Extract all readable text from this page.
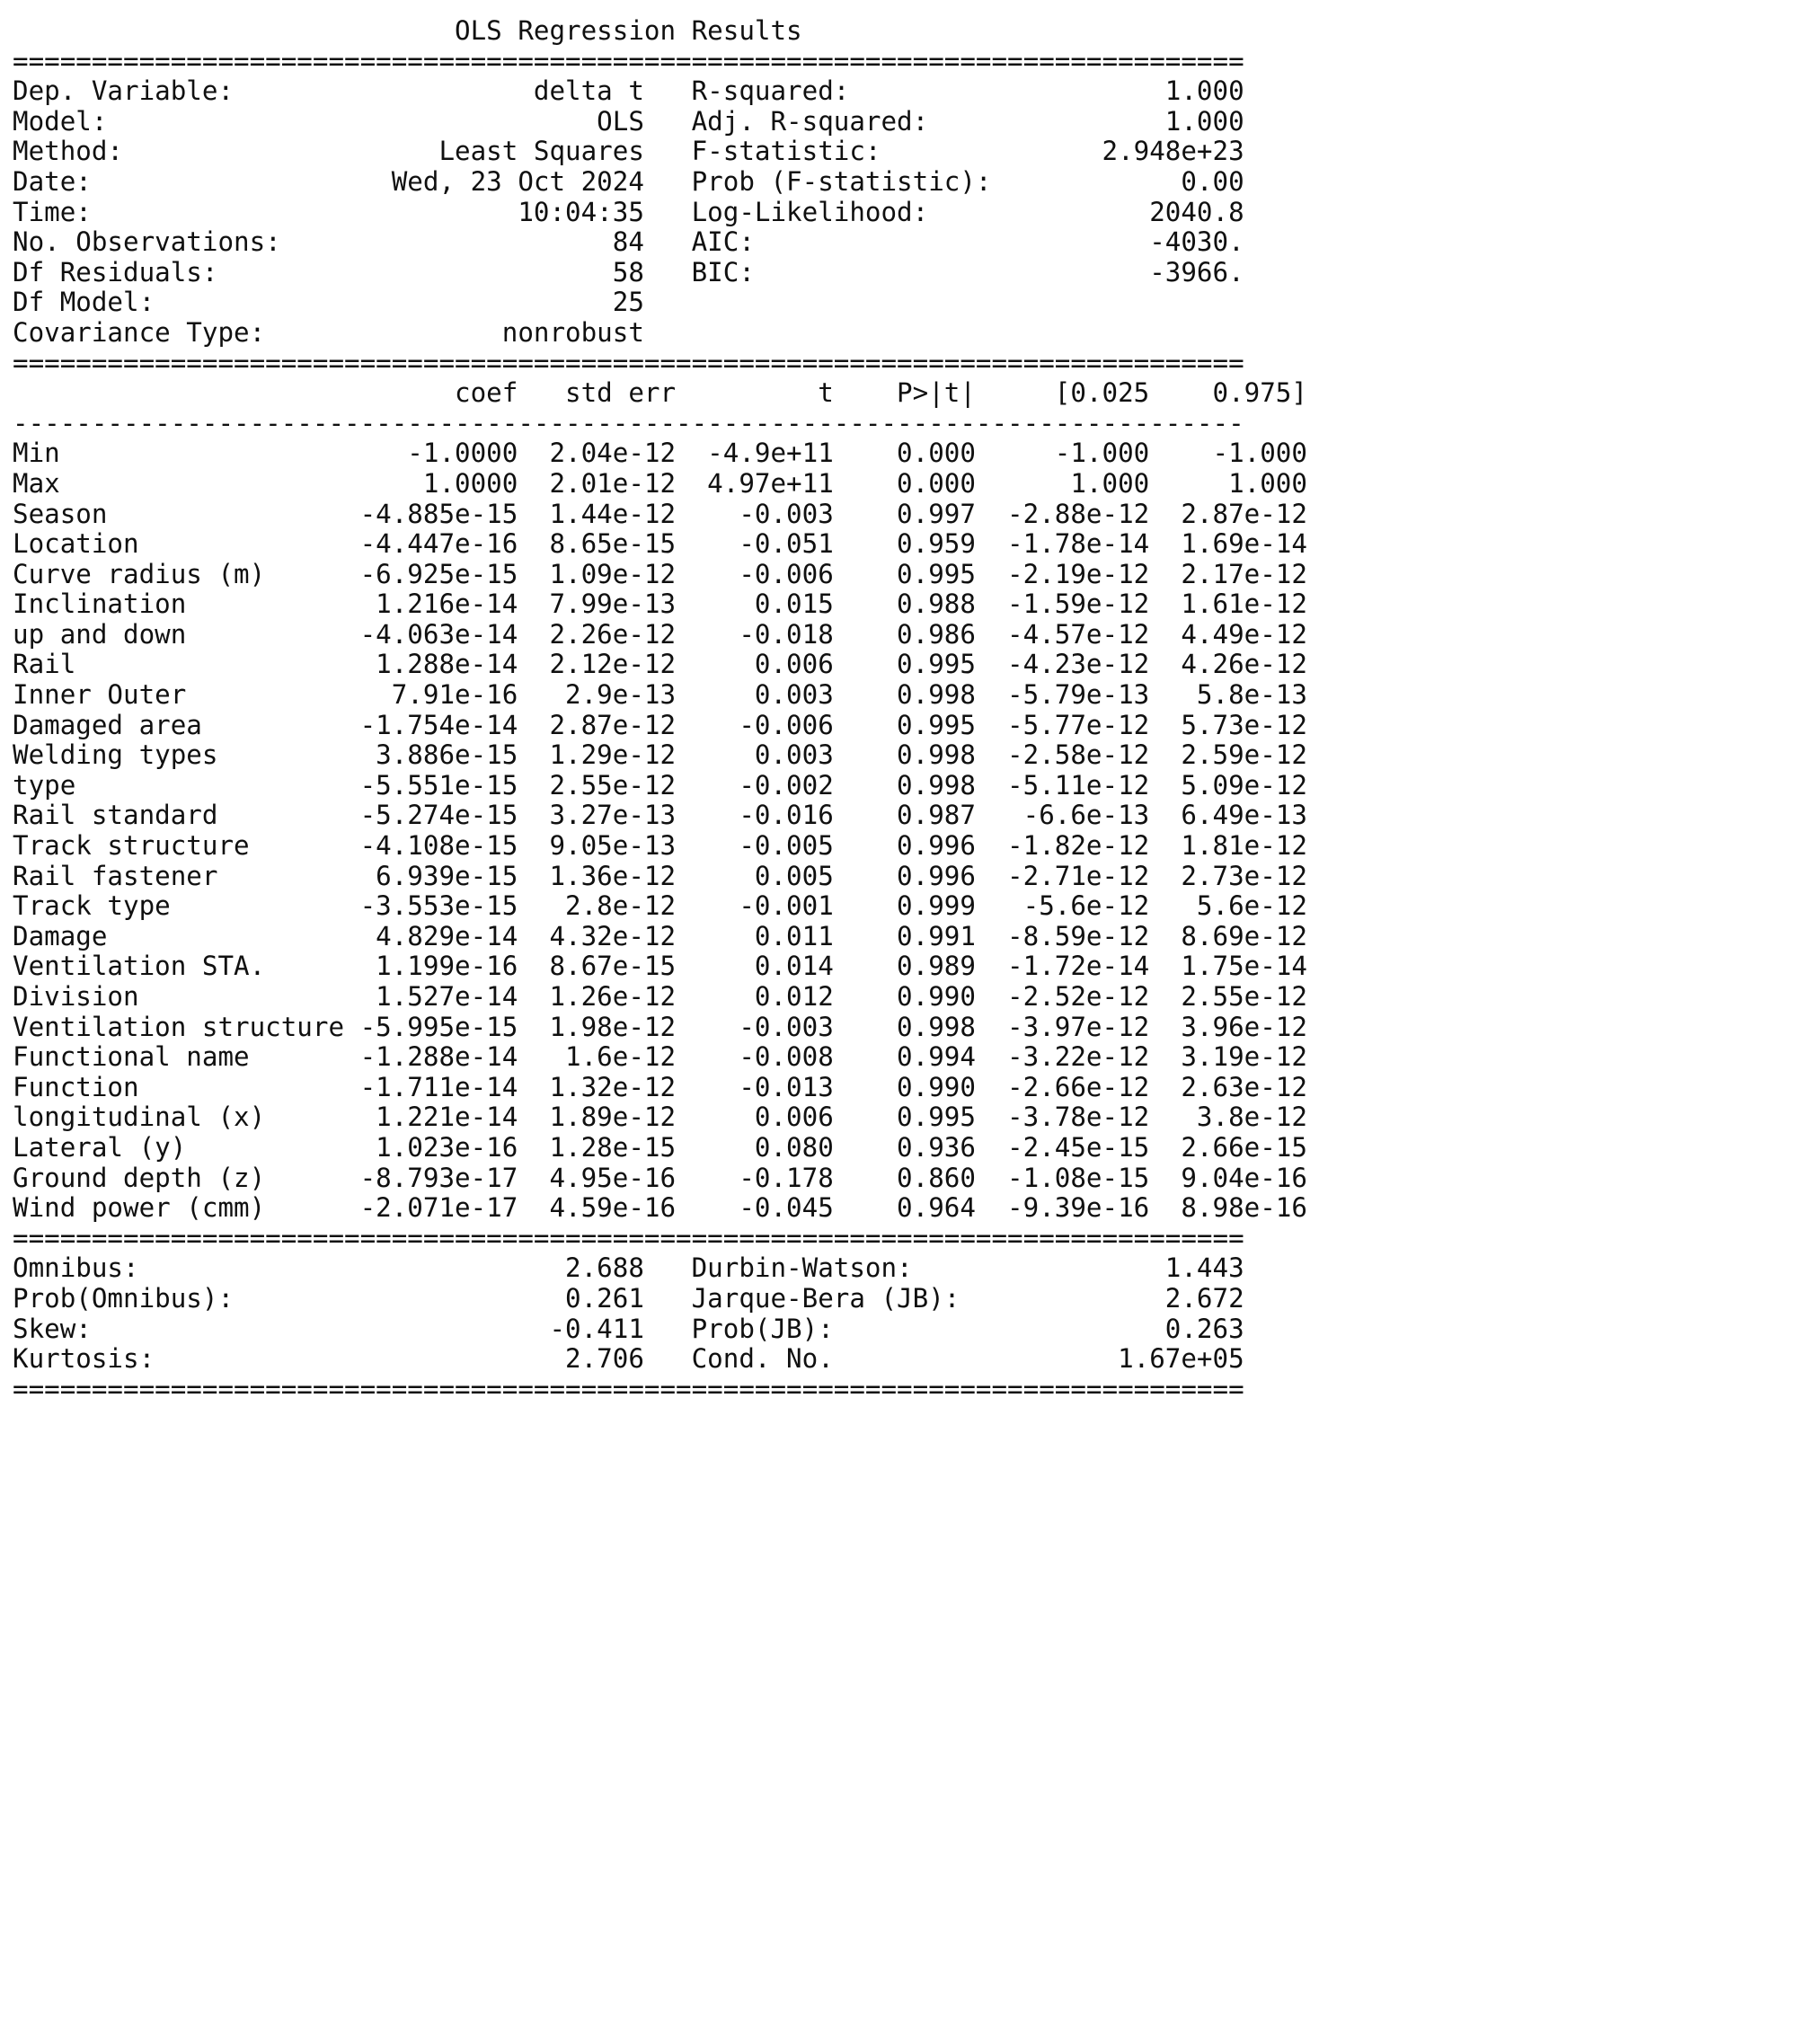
OLS Regression Results
==============================================================================
Dep. Variable:                   delta t   R-squared:                    1.000
Model:                               OLS   Adj. R-squared:               1.000
Method:                    Least Squares   F-statistic:              2.948e+23
Date:                   Wed, 23 Oct 2024   Prob (F-statistic):            0.00
Time:                           10:04:35   Log-Likelihood:              2040.8
No. Observations:                     84   AIC:                         -4030.
Df Residuals:                         58   BIC:                         -3966.
Df Model:                             25
Covariance Type:               nonrobust
==============================================================================
coef   std err         t    P>|t|     [0.025    0.975]
------------------------------------------------------------------------------
Min                      -1.0000  2.04e-12  -4.9e+11    0.000     -1.000    -1.000
Max                       1.0000  2.01e-12  4.97e+11    0.000      1.000     1.000
Season                -4.885e-15  1.44e-12    -0.003    0.997  -2.88e-12  2.87e-12
Location              -4.447e-16  8.65e-15    -0.051    0.959  -1.78e-14  1.69e-14
Curve radius (m)      -6.925e-15  1.09e-12    -0.006    0.995  -2.19e-12  2.17e-12
Inclination            1.216e-14  7.99e-13     0.015    0.988  -1.59e-12  1.61e-12
up and down           -4.063e-14  2.26e-12    -0.018    0.986  -4.57e-12  4.49e-12
Rail                   1.288e-14  2.12e-12     0.006    0.995  -4.23e-12  4.26e-12
Inner Outer             7.91e-16   2.9e-13     0.003    0.998  -5.79e-13   5.8e-13
Damaged area          -1.754e-14  2.87e-12    -0.006    0.995  -5.77e-12  5.73e-12
Welding types          3.886e-15  1.29e-12     0.003    0.998  -2.58e-12  2.59e-12
type                  -5.551e-15  2.55e-12    -0.002    0.998  -5.11e-12  5.09e-12
Rail standard         -5.274e-15  3.27e-13    -0.016    0.987   -6.6e-13  6.49e-13
Track structure       -4.108e-15  9.05e-13    -0.005    0.996  -1.82e-12  1.81e-12
Rail fastener          6.939e-15  1.36e-12     0.005    0.996  -2.71e-12  2.73e-12
Track type            -3.553e-15   2.8e-12    -0.001    0.999   -5.6e-12   5.6e-12
Damage                 4.829e-14  4.32e-12     0.011    0.991  -8.59e-12  8.69e-12
Ventilation STA.       1.199e-16  8.67e-15     0.014    0.989  -1.72e-14  1.75e-14
Division               1.527e-14  1.26e-12     0.012    0.990  -2.52e-12  2.55e-12
Ventilation structure -5.995e-15  1.98e-12    -0.003    0.998  -3.97e-12  3.96e-12
Functional name       -1.288e-14   1.6e-12    -0.008    0.994  -3.22e-12  3.19e-12
Function              -1.711e-14  1.32e-12    -0.013    0.990  -2.66e-12  2.63e-12
longitudinal (x)       1.221e-14  1.89e-12     0.006    0.995  -3.78e-12   3.8e-12
Lateral (y)            1.023e-16  1.28e-15     0.080    0.936  -2.45e-15  2.66e-15
Ground depth (z)      -8.793e-17  4.95e-16    -0.178    0.860  -1.08e-15  9.04e-16
Wind power (cmm)      -2.071e-17  4.59e-16    -0.045    0.964  -9.39e-16  8.98e-16
==============================================================================
Omnibus:                           2.688   Durbin-Watson:                1.443
Prob(Omnibus):                     0.261   Jarque-Bera (JB):             2.672
Skew:                             -0.411   Prob(JB):                     0.263
Kurtosis:                          2.706   Cond. No.                  1.67e+05
==============================================================================
